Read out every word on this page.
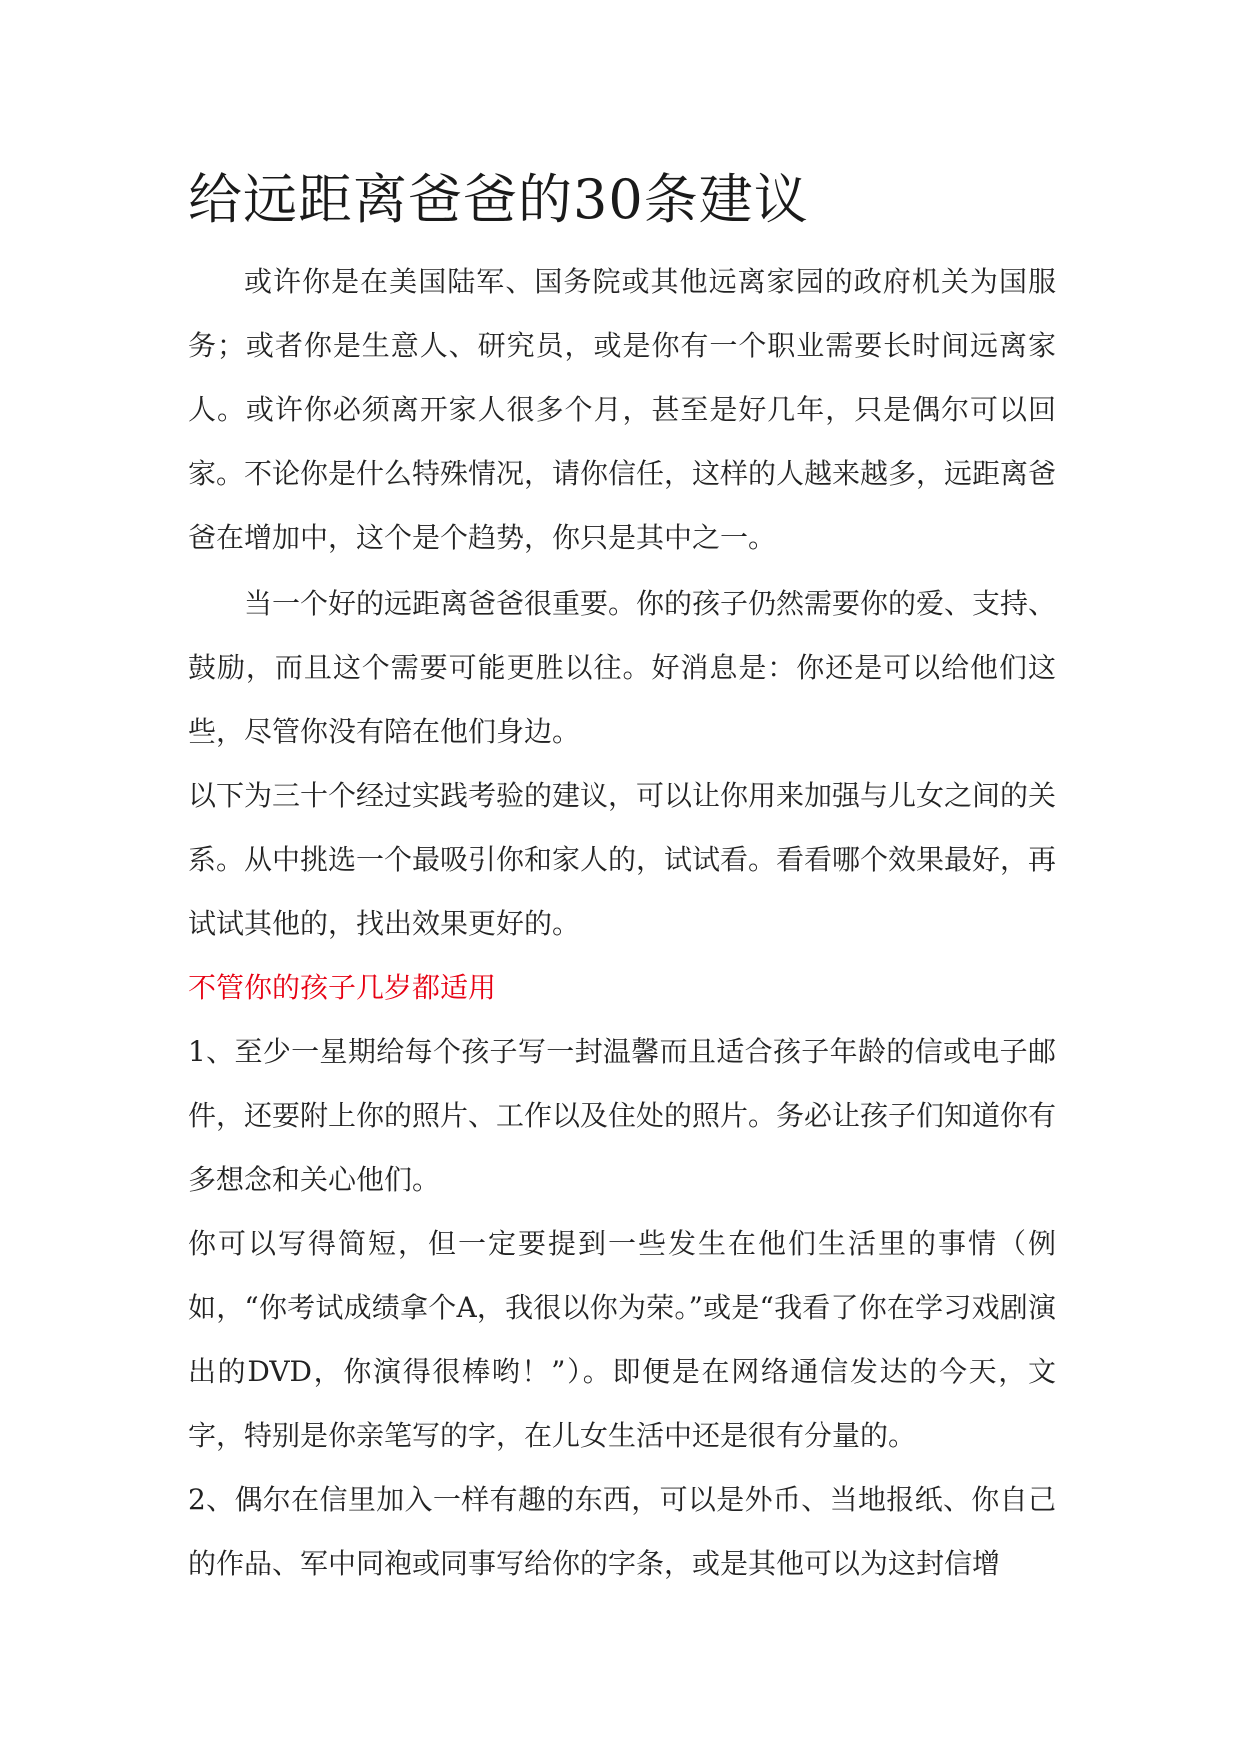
给远距离爸爸的30条建议

或许你是在美国陆军、国务院或其他远离家园的政府机关为国服务；或者你是生意人、研究员，或是你有一个职业需要长时间远离家人。或许你必须离开家人很多个月，甚至是好几年，只是偶尔可以回家。不论你是什么特殊情况，请你信任，这样的人越来越多，远距离爸爸在增加中，这个是个趋势，你只是其中之一。

当一个好的远距离爸爸很重要。你的孩子仍然需要你的爱、支持、鼓励，而且这个需要可能更胜以往。好消息是：你还是可以给他们这些，尽管你没有陪在他们身边。

以下为三十个经过实践考验的建议，可以让你用来加强与儿女之间的关系。从中挑选一个最吸引你和家人的，试试看。看看哪个效果最好，再试试其他的，找出效果更好的。

不管你的孩子几岁都适用

1、至少一星期给每个孩子写一封温馨而且适合孩子年龄的信或电子邮件，还要附上你的照片、工作以及住处的照片。务必让孩子们知道你有多想念和关心他们。

你可以写得简短，但一定要提到一些发生在他们生活里的事情（例如，“你考试成绩拿个A，我很以你为荣。”或是“我看了你在学习戏剧演出的DVD，你演得很棒哟！”）。即便是在网络通信发达的今天，文字，特别是你亲笔写的字，在儿女生活中还是很有分量的。

2、偶尔在信里加入一样有趣的东西，可以是外币、当地报纸、你自己的作品、军中同袍或同事写给你的字条，或是其他可以为这封信增
